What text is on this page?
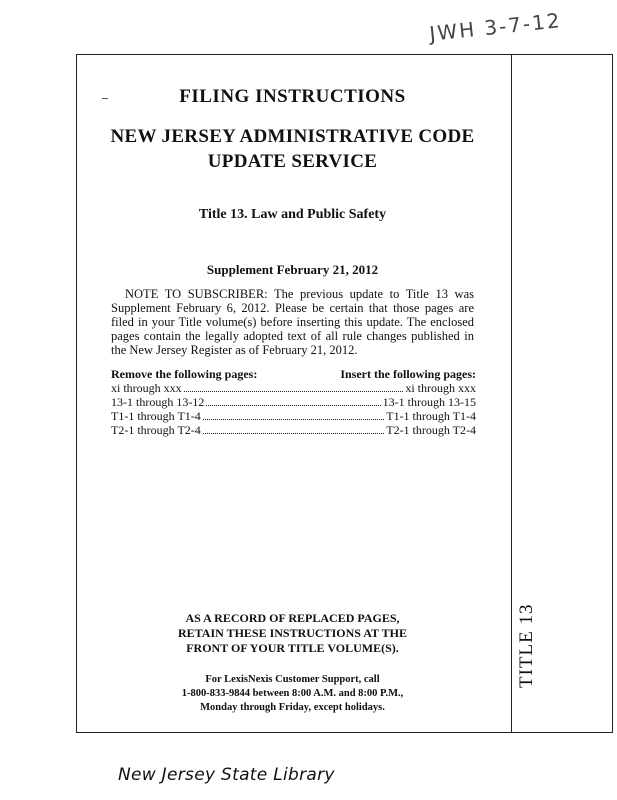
JWH 3-7-12
FILING INSTRUCTIONS
NEW JERSEY ADMINISTRATIVE CODE
UPDATE SERVICE
Title 13. Law and Public Safety
Supplement February 21, 2012
NOTE TO SUBSCRIBER: The previous update to Title 13 was Supplement February 6, 2012. Please be certain that those pages are filed in your Title volume(s) before inserting this update. The enclosed pages contain the legally adopted text of all rule changes published in the New Jersey Register as of February 21, 2012.
Remove the following pages:	Insert the following pages:
xi through xxx	xi through xxx
13-1 through 13-12	13-1 through 13-15
T1-1 through T1-4	T1-1 through T1-4
T2-1 through T2-4	T2-1 through T2-4
AS A RECORD OF REPLACED PAGES,
RETAIN THESE INSTRUCTIONS AT THE
FRONT OF YOUR TITLE VOLUME(S).
For LexisNexis Customer Support, call
1-800-833-9844 between 8:00 A.M. and 8:00 P.M.,
Monday through Friday, except holidays.
TITLE 13
New Jersey State Library
